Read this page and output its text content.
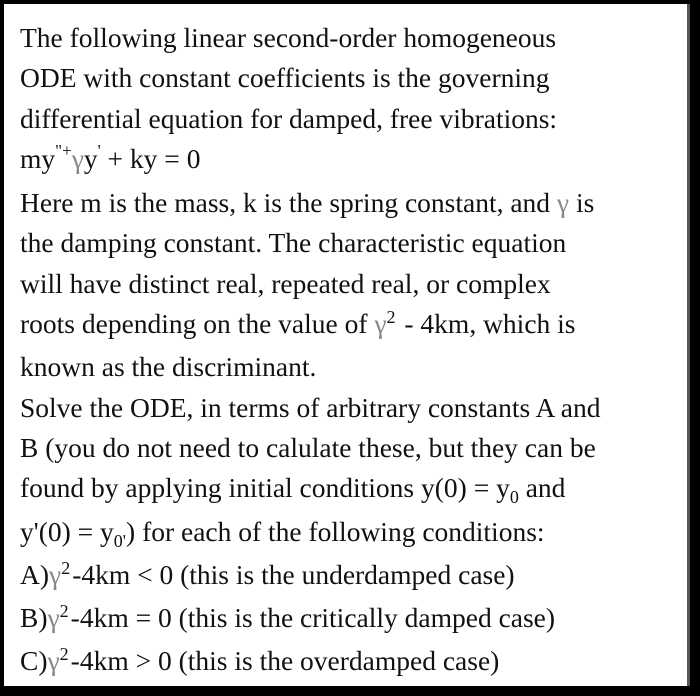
The following linear second-order homogeneous
ODE with constant coefficients is the governing
differential equation for damped, free vibrations:
my"+γy' + ky = 0
Here m is the mass, k is the spring constant, and γ is
the damping constant. The characteristic equation
will have distinct real, repeated real, or complex
roots depending on the value of $\gamma^2 - 4km$, which is
known as the discriminant.
Solve the ODE, in terms of arbitrary constants A and
B (you do not need to calulate these, but they can be
found by applying initial conditions $y(0) = y_0$ and
$y'(0) = y_{0'}$) for each of the following conditions:
$A)\gamma^2-4km < 0$ (this is the underdamped case)
$B)\gamma^2-4km = 0$ (this is the critically damped case)
$C)\gamma^2-4km > 0$ (this is the overdamped case)
